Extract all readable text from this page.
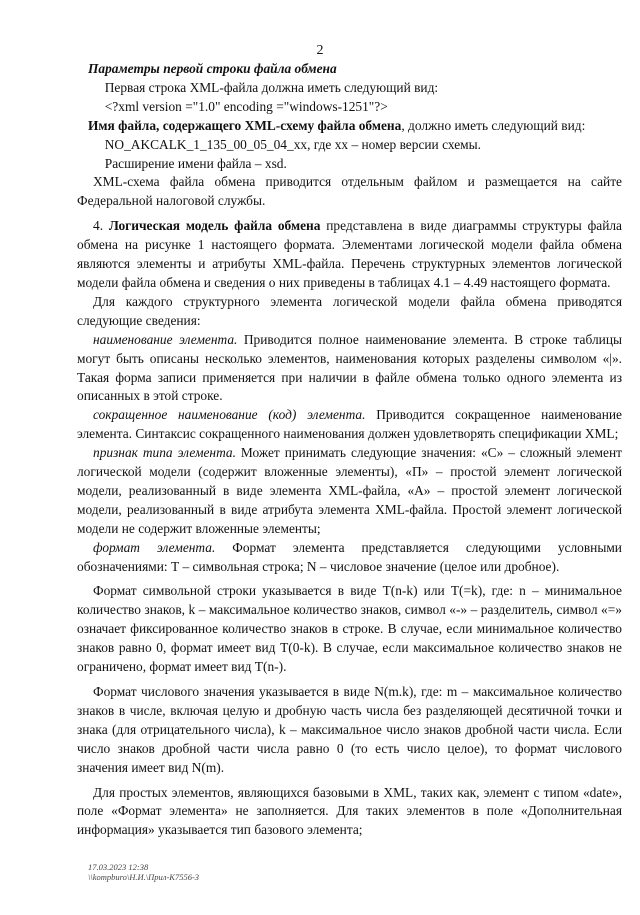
2

Параметры первой строки файла обмена

Первая строка XML-файла должна иметь следующий вид:

<?xml version ="1.0" encoding ="windows-1251"?>

Имя файла, содержащего XML-схему файла обмена, должно иметь следующий вид:

NO_AKCALK_1_135_00_05_04_xx, где xx – номер версии схемы.

Расширение имени файла – xsd.

XML-схема файла обмена приводится отдельным файлом и размещается на сайте Федеральной налоговой службы.

4. Логическая модель файла обмена представлена в виде диаграммы структуры файла обмена на рисунке 1 настоящего формата. Элементами логической модели файла обмена являются элементы и атрибуты XML-файла. Перечень структурных элементов логической модели файла обмена и сведения о них приведены в таблицах 4.1 – 4.49 настоящего формата.

Для каждого структурного элемента логической модели файла обмена приводятся следующие сведения:

наименование элемента. Приводится полное наименование элемента. В строке таблицы могут быть описаны несколько элементов, наименования которых разделены символом «|». Такая форма записи применяется при наличии в файле обмена только одного элемента из описанных в этой строке.

сокращенное наименование (код) элемента. Приводится сокращенное наименование элемента. Синтаксис сокращенного наименования должен удовлетворять спецификации XML;

признак типа элемента. Может принимать следующие значения: «С» – сложный элемент логической модели (содержит вложенные элементы), «П» – простой элемент логической модели, реализованный в виде элемента XML-файла, «А» – простой элемент логической модели, реализованный в виде атрибута элемента XML-файла. Простой элемент логической модели не содержит вложенные элементы;

формат элемента. Формат элемента представляется следующими условными обозначениями: Т – символьная строка; N – числовое значение (целое или дробное).

Формат символьной строки указывается в виде T(n-k) или T(=k), где: n – минимальное количество знаков, k – максимальное количество знаков, символ «-» – разделитель, символ «=» означает фиксированное количество знаков в строке. В случае, если минимальное количество знаков равно 0, формат имеет вид T(0-k). В случае, если максимальное количество знаков не ограничено, формат имеет вид T(n-).

Формат числового значения указывается в виде N(m.k), где: m – максимальное количество знаков в числе, включая целую и дробную часть числа без разделяющей десятичной точки и знака (для отрицательного числа), k – максимальное число знаков дробной части числа. Если число знаков дробной части числа равно 0 (то есть число целое), то формат числового значения имеет вид N(m).

Для простых элементов, являющихся базовыми в XML, таких как, элемент с типом «date», поле «Формат элемента» не заполняется. Для таких элементов в поле «Дополнительная информация» указывается тип базового элемента;

17.03.2023 12:38
\\kompburo\Н.И.\Прил-К7556-3
